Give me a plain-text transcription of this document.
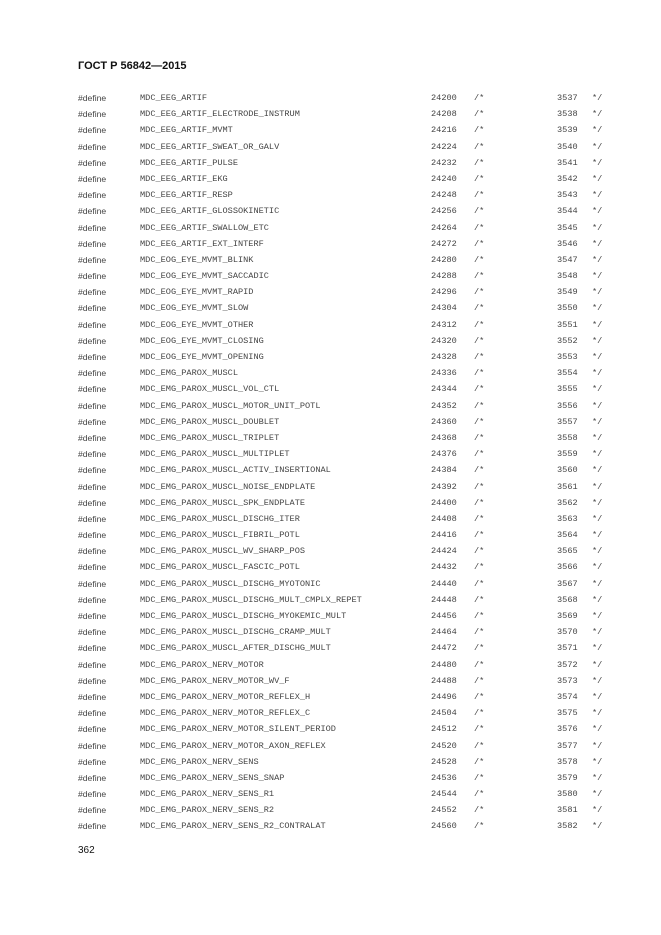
ГОСТ Р 56842—2015
#define	MDC_EEG_ARTIF	24200 /*	3537 */
#define	MDC_EEG_ARTIF_ELECTRODE_INSTRUM	24208 /*	3538 */
#define	MDC_EEG_ARTIF_MVMT	24216 /*	3539 */
#define	MDC_EEG_ARTIF_SWEAT_OR_GALV	24224 /*	3540 */
#define	MDC_EEG_ARTIF_PULSE	24232 /*	3541 */
#define	MDC_EEG_ARTIF_EKG	24240 /*	3542 */
#define	MDC_EEG_ARTIF_RESP	24248 /*	3543 */
#define	MDC_EEG_ARTIF_GLOSSOKINETIC	24256 /*	3544 */
#define	MDC_EEG_ARTIF_SWALLOW_ETC	24264 /*	3545 */
#define	MDC_EEG_ARTIF_EXT_INTERF	24272 /*	3546 */
#define	MDC_EOG_EYE_MVMT_BLINK	24280 /*	3547 */
#define	MDC_EOG_EYE_MVMT_SACCADIC	24288 /*	3548 */
#define	MDC_EOG_EYE_MVMT_RAPID	24296 /*	3549 */
#define	MDC_EOG_EYE_MVMT_SLOW	24304 /*	3550 */
#define	MDC_EOG_EYE_MVMT_OTHER	24312 /*	3551 */
#define	MDC_EOG_EYE_MVMT_CLOSING	24320 /*	3552 */
#define	MDC_EOG_EYE_MVMT_OPENING	24328 /*	3553 */
#define	MDC_EMG_PAROX_MUSCL	24336 /*	3554 */
#define	MDC_EMG_PAROX_MUSCL_VOL_CTL	24344 /*	3555 */
#define	MDC_EMG_PAROX_MUSCL_MOTOR_UNIT_POTL	24352 /*	3556 */
#define	MDC_EMG_PAROX_MUSCL_DOUBLET	24360 /*	3557 */
#define	MDC_EMG_PAROX_MUSCL_TRIPLET	24368 /*	3558 */
#define	MDC_EMG_PAROX_MUSCL_MULTIPLET	24376 /*	3559 */
#define	MDC_EMG_PAROX_MUSCL_ACTIV_INSERTIONAL	24384 /*	3560 */
#define	MDC_EMG_PAROX_MUSCL_NOISE_ENDPLATE	24392 /*	3561 */
#define	MDC_EMG_PAROX_MUSCL_SPK_ENDPLATE	24400 /*	3562 */
#define	MDC_EMG_PAROX_MUSCL_DISCHG_ITER	24408 /*	3563 */
#define	MDC_EMG_PAROX_MUSCL_FIBRIL_POTL	24416 /*	3564 */
#define	MDC_EMG_PAROX_MUSCL_WV_SHARP_POS	24424 /*	3565 */
#define	MDC_EMG_PAROX_MUSCL_FASCIC_POTL	24432 /*	3566 */
#define	MDC_EMG_PAROX_MUSCL_DISCHG_MYOTONIC	24440 /*	3567 */
#define	MDC_EMG_PAROX_MUSCL_DISCHG_MULT_CMPLX_REPET	24448 /*	3568 */
#define	MDC_EMG_PAROX_MUSCL_DISCHG_MYOKEMIC_MULT	24456 /*	3569 */
#define	MDC_EMG_PAROX_MUSCL_DISCHG_CRAMP_MULT	24464 /*	3570 */
#define	MDC_EMG_PAROX_MUSCL_AFTER_DISCHG_MULT	24472 /*	3571 */
#define	MDC_EMG_PAROX_NERV_MOTOR	24480 /*	3572 */
#define	MDC_EMG_PAROX_NERV_MOTOR_WV_F	24488 /*	3573 */
#define	MDC_EMG_PAROX_NERV_MOTOR_REFLEX_H	24496 /*	3574 */
#define	MDC_EMG_PAROX_NERV_MOTOR_REFLEX_C	24504 /*	3575 */
#define	MDC_EMG_PAROX_NERV_MOTOR_SILENT_PERIOD	24512 /*	3576 */
#define	MDC_EMG_PAROX_NERV_MOTOR_AXON_REFLEX	24520 /*	3577 */
#define	MDC_EMG_PAROX_NERV_SENS	24528 /*	3578 */
#define	MDC_EMG_PAROX_NERV_SENS_SNAP	24536 /*	3579 */
#define	MDC_EMG_PAROX_NERV_SENS_R1	24544 /*	3580 */
#define	MDC_EMG_PAROX_NERV_SENS_R2	24552 /*	3581 */
#define	MDC_EMG_PAROX_NERV_SENS_R2_CONTRALAT	24560 /*	3582 */
362
